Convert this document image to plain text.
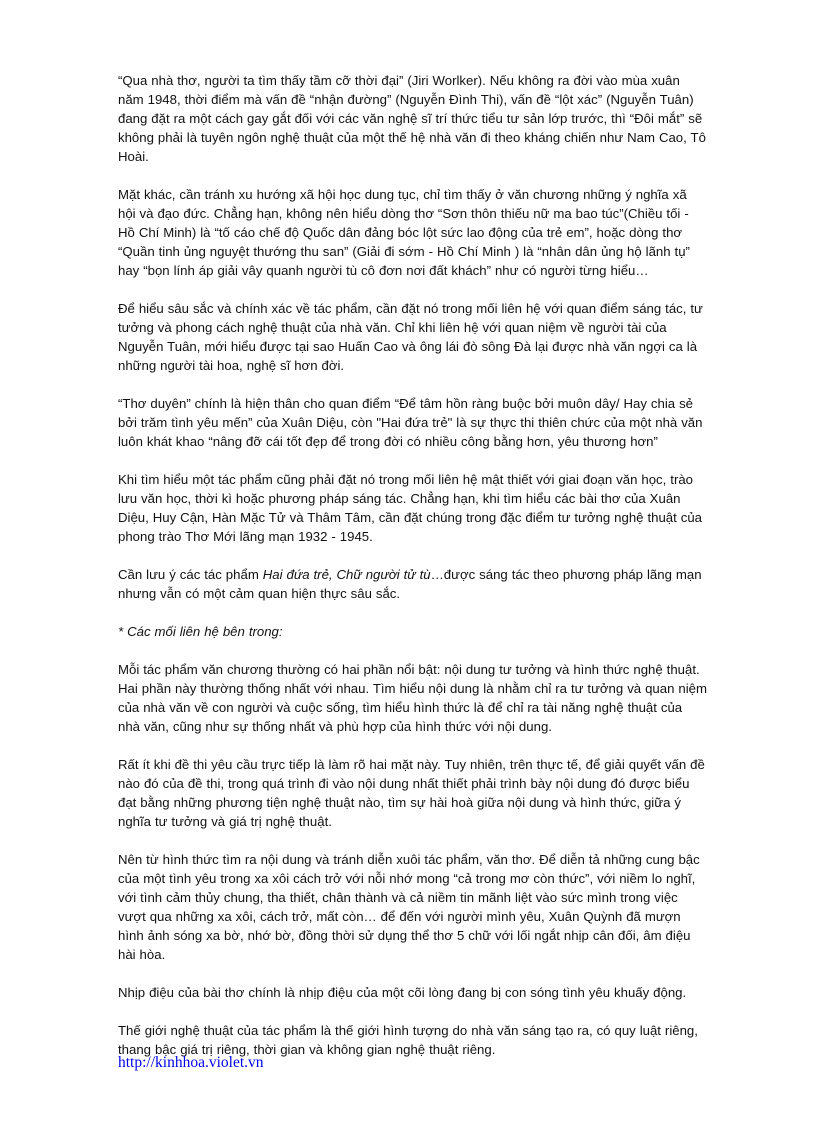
“Qua nhà thơ, người ta tìm thấy tầm cỡ thời đại” (Jiri Worlker). Nếu không ra đời vào mùa xuân năm 1948, thời điểm mà vấn đề “nhận đường” (Nguyễn Đình Thi), vấn đề “lột xác” (Nguyễn Tuân) đang đặt ra một cách gay gắt đối với các văn nghệ sĩ trí thức tiểu tư sản lớp trước, thì “Đôi mắt” sẽ không phải là tuyên ngôn nghệ thuật của một thế hệ nhà văn đi theo kháng chiến như Nam Cao, Tô Hoài.

Mặt khác, cần tránh xu hướng xã hội học dung tục, chỉ tìm thấy ở văn chương những ý nghĩa xã hội và đạo đức. Chẳng hạn, không nên hiểu dòng thơ “Sơn thôn thiếu nữ ma bao túc”(Chiều tối - Hồ Chí Minh) là “tố cáo chế độ Quốc dân đảng bóc lột sức lao động của trẻ em”, hoặc dòng thơ “Quần tinh ủng nguyệt thướng thu san” (Giải đi sớm - Hồ Chí Minh ) là “nhân dân ủng hộ lãnh tụ” hay “bọn lính áp giải vây quanh người tù cô đơn nơi đất khách” như có người từng hiểu…

Để hiểu sâu sắc và chính xác về tác phẩm, cần đặt nó trong mối liên hệ với quan điểm sáng tác, tư tưởng và phong cách nghệ thuật của nhà văn. Chỉ khi liên hệ với quan niệm về người tài của Nguyễn Tuân, mới hiểu được tại sao Huấn Cao và ông lái đò sông Đà lại được nhà văn ngợi ca là những người tài hoa, nghệ sĩ hơn đời.

“Thơ duyên” chính là hiện thân cho quan điểm “Để tâm hồn ràng buộc bởi muôn dây/ Hay chia sẻ bởi trăm tình yêu mến” của Xuân Diệu, còn "Hai đứa trẻ" là sự thực thi thiên chức của một nhà văn luôn khát khao “nâng đỡ cái tốt đẹp để trong đời có nhiều công bằng hơn, yêu thương hơn”

Khi tìm hiểu một tác phẩm cũng phải đặt nó trong mối liên hệ mật thiết với giai đoạn văn học, trào lưu văn học, thời kì hoặc phương pháp sáng tác. Chẳng hạn, khi tìm hiểu các bài thơ của Xuân Diệu, Huy Cận, Hàn Mặc Tử và Thâm Tâm, cần đặt chúng trong đặc điểm tư tưởng nghệ thuật của phong trào Thơ Mới lãng mạn 1932 - 1945.

Cần lưu ý các tác phẩm Hai đứa trẻ, Chữ người tử tù…được sáng tác theo phương pháp lãng mạn nhưng vẫn có một cảm quan hiện thực sâu sắc.

* Các mối liên hệ bên trong:

Mỗi tác phẩm văn chương thường có hai phần nổi bật: nội dung tư tưởng và hình thức nghệ thuật. Hai phần này thường thống nhất với nhau. Tìm hiểu nội dung là nhằm chỉ ra tư tưởng và quan niệm của nhà văn về con người và cuộc sống, tìm hiểu hình thức là để chỉ ra tài năng nghệ thuật của nhà văn, cũng như sự thống nhất và phù hợp của hình thức với nội dung.

Rất ít khi đề thi yêu cầu trực tiếp là làm rõ hai mặt này. Tuy nhiên, trên thực tế, để giải quyết vấn đề nào đó của đề thi, trong quá trình đi vào nội dung nhất thiết phải trình bày nội dung đó được biểu đạt bằng những phương tiện nghệ thuật nào, tìm sự hài hoà giữa nội dung và hình thức, giữa ý nghĩa tư tưởng và giá trị nghệ thuật.

Nên từ hình thức tìm ra nội dung và tránh diễn xuôi tác phẩm, văn thơ. Để diễn tả những cung bậc của một tình yêu trong xa xôi cách trở với nỗi nhớ mong “cả trong mơ còn thức”, với niềm lo nghĩ, với tình cảm thủy chung, tha thiết, chân thành và cả niềm tin mãnh liệt vào sức mình trong việc vượt qua những xa xôi, cách trở, mất còn… để đến với người mình yêu, Xuân Quỳnh đã mượn hình ảnh sóng xa bờ, nhớ bờ, đồng thời sử dụng thể thơ 5 chữ với lối ngắt nhịp cân đối, âm điệu hài hòa.

Nhịp điệu của bài thơ chính là nhịp điệu của một cõi lòng đang bị con sóng tình yêu khuấy động.

Thế giới nghệ thuật của tác phẩm là thế giới hình tượng do nhà văn sáng tạo ra, có quy luật riêng, thang bậc giá trị riêng, thời gian và không gian nghệ thuật riêng.

http://kinhhoa.violet.vn
